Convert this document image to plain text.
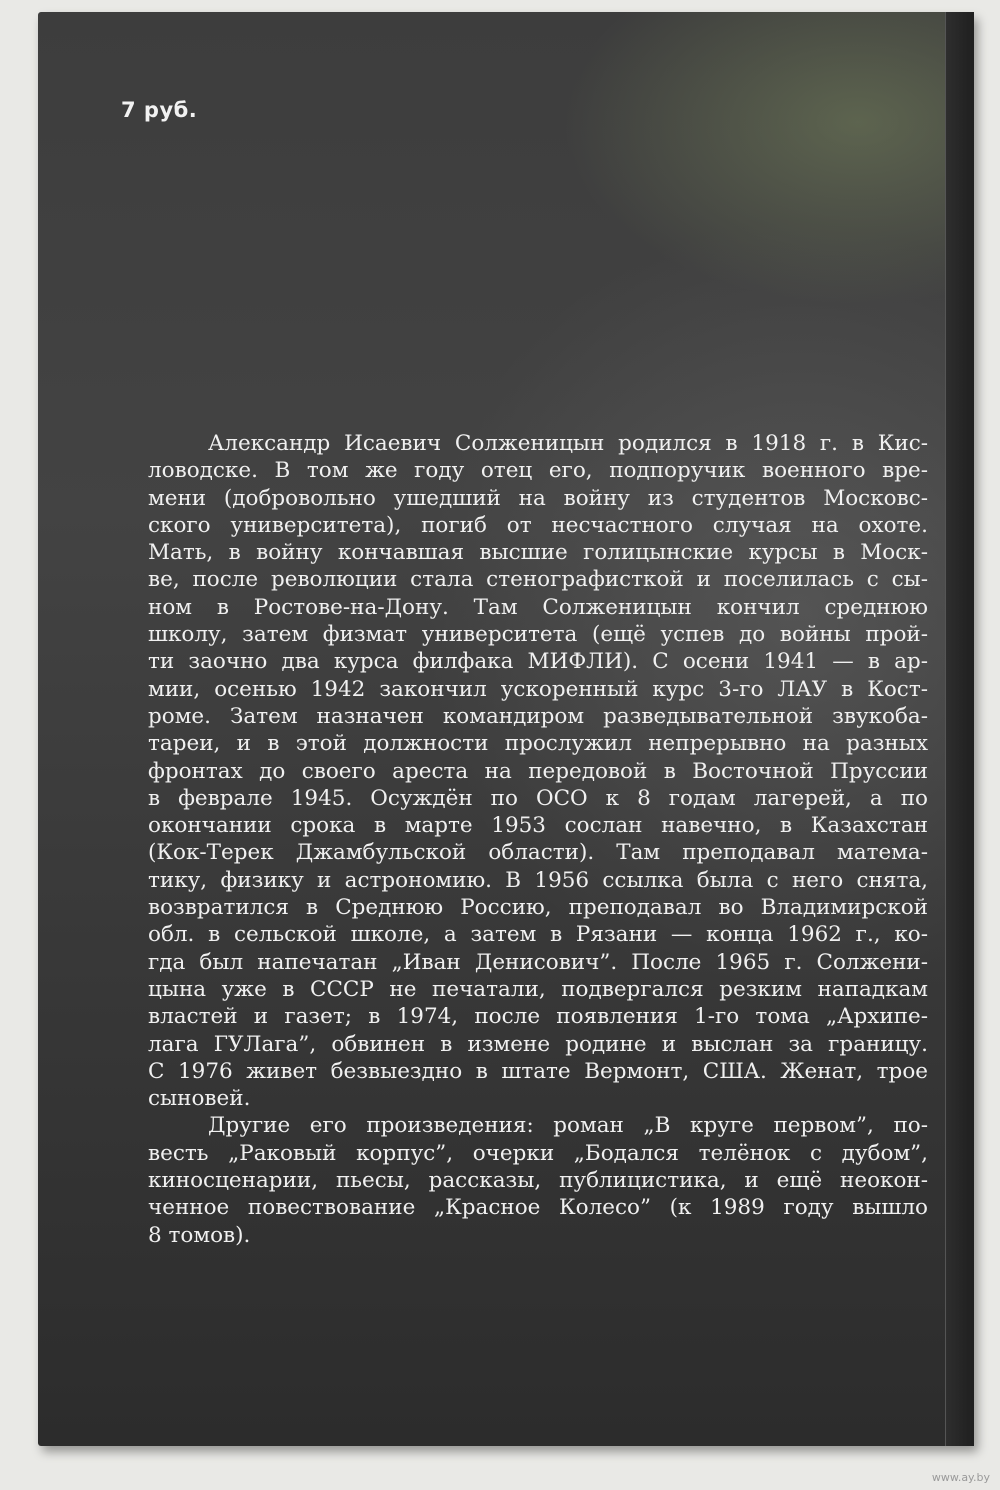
7 руб.
Александр Исаевич Солженицын родился в 1918 г. в Кис-
ловодске. В том же году отец его, подпоручик военного вре-
мени (добровольно ушедший на войну из студентов Московс-
ского университета), погиб от несчастного случая на охоте.
Мать, в войну кончавшая высшие голицынские курсы в Моск-
ве, после революции стала стенографисткой и поселилась с сы-
ном в Ростове-на-Дону. Там Солженицын кончил среднюю
школу, затем физмат университета (ещё успев до войны прой-
ти заочно два курса филфака МИФЛИ). С осени 1941 — в ар-
мии, осенью 1942 закончил ускоренный курс 3-го ЛАУ в Кост-
роме. Затем назначен командиром разведывательной звукоба-
тареи, и в этой должности прослужил непрерывно на разных
фронтах до своего ареста на передовой в Восточной Пруссии
в феврале 1945. Осуждён по ОСО к 8 годам лагерей, а по
окончании срока в марте 1953 сослан навечно, в Казахстан
(Кок-Терек Джамбульской области). Там преподавал матема-
тику, физику и астрономию. В 1956 ссылка была с него снята,
возвратился в Среднюю Россию, преподавал во Владимирской
обл. в сельской школе, а затем в Рязани — конца 1962 г., ко-
гда был напечатан „Иван Денисович”. После 1965 г. Солжени-
цына уже в СССР не печатали, подвергался резким нападкам
властей и газет; в 1974, после появления 1-го тома „Архипе-
лага ГУЛага”, обвинен в измене родине и выслан за границу.
С 1976 живет безвыездно в штате Вермонт, США. Женат, трое
сыновей.
Другие его произведения: роман „В круге первом”, по-
весть „Раковый корпус”, очерки „Бодался телёнок с дубом”,
киносценарии, пьесы, рассказы, публицистика, и ещё неокон-
ченное повествование „Красное Колесо” (к 1989 году вышло
8 томов).
www.ay.by
